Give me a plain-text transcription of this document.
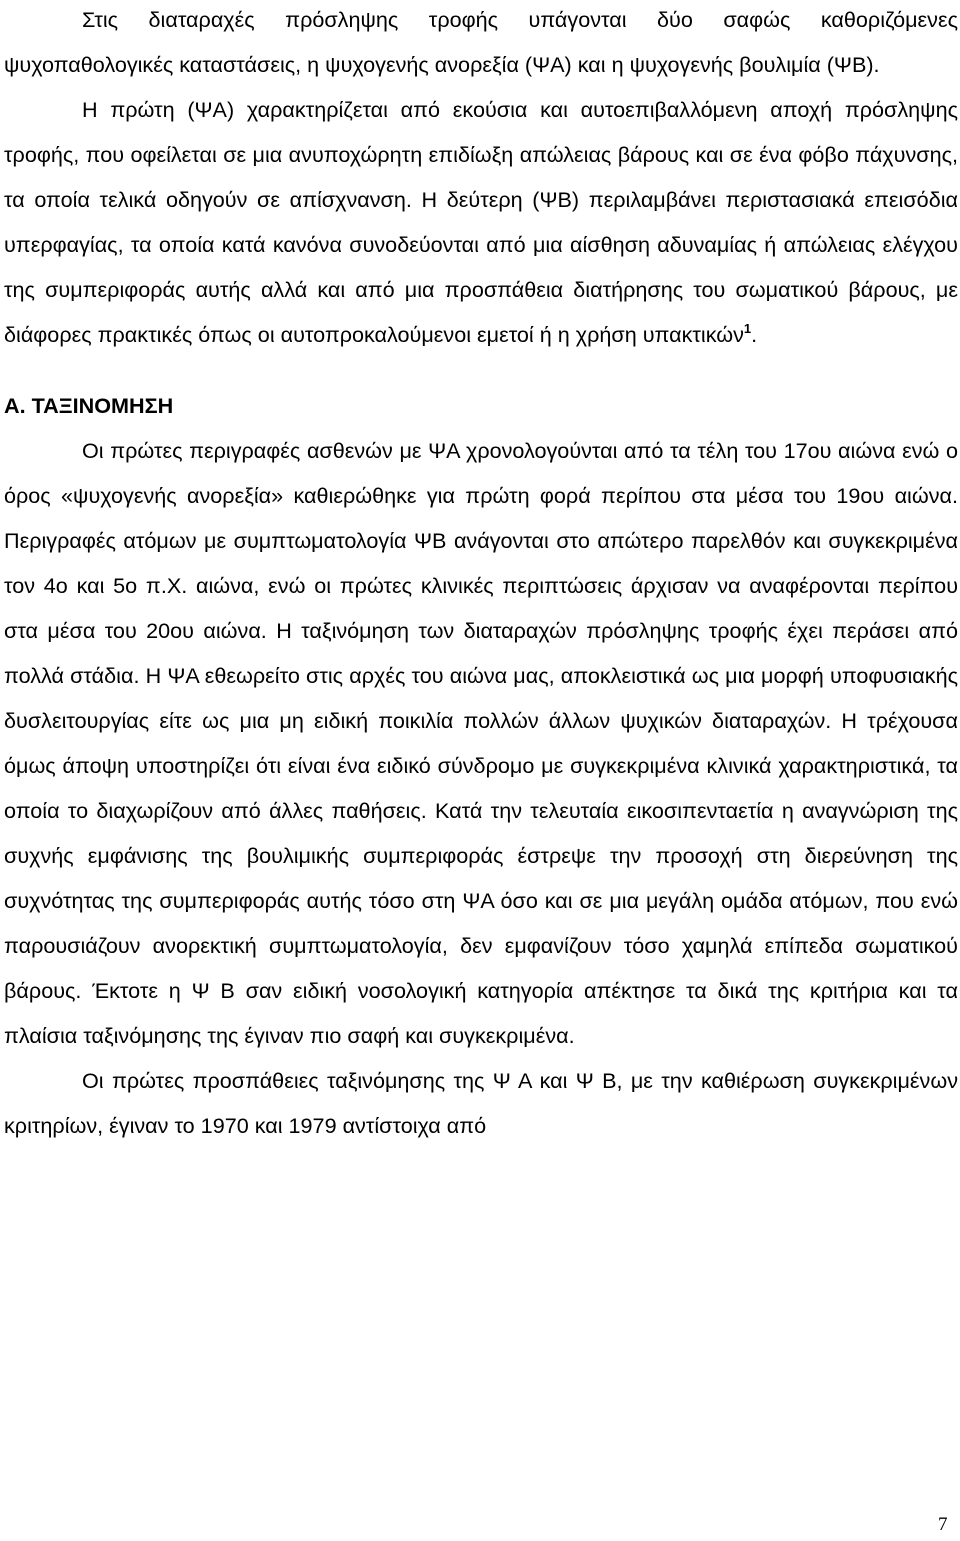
Στις διαταραχές πρόσληψης τροφής υπάγονται δύο σαφώς καθοριζόμενες ψυχοπαθολογικές καταστάσεις, η ψυχογενής ανορεξία (ΨΑ) και η ψυχογενής βουλιμία (ΨΒ).

Η πρώτη (ΨΑ) χαρακτηρίζεται από εκούσια και αυτοεπιβαλλόμενη αποχή πρόσληψης τροφής, που οφείλεται σε μια ανυποχώρητη επιδίωξη απώλειας βάρους και σε ένα φόβο πάχυνσης, τα οποία τελικά οδηγούν σε απίσχνανση. Η δεύτερη (ΨΒ) περιλαμβάνει περιστασιακά επεισόδια υπερφαγίας, τα οποία κατά κανόνα συνοδεύονται από μια αίσθηση αδυναμίας ή απώλειας ελέγχου της συμπεριφοράς αυτής αλλά και από μια προσπάθεια διατήρησης του σωματικού βάρους, με διάφορες πρακτικές όπως οι αυτοπροκαλούμενοι εμετοί ή η χρήση υπακτικών$^1$.

Α. ΤΑΞΙΝΟΜΗΣΗ

Οι πρώτες περιγραφές ασθενών με ΨΑ χρονολογούνται από τα τέλη του 17ου αιώνα ενώ ο όρος «ψυχογενής ανορεξία» καθιερώθηκε για πρώτη φορά περίπου στα μέσα του 19ου αιώνα. Περιγραφές ατόμων με συμπτωματολογία ΨΒ ανάγονται στο απώτερο παρελθόν και συγκεκριμένα τον 4ο και 5ο π.Χ. αιώνα, ενώ οι πρώτες κλινικές περιπτώσεις άρχισαν να αναφέρονται περίπου στα μέσα του 20ου αιώνα. Η ταξινόμηση των διαταραχών πρόσληψης τροφής έχει περάσει από πολλά στάδια. Η ΨΑ εθεωρείτο στις αρχές του αιώνα μας, αποκλειστικά ως μια μορφή υποφυσιακής δυσλειτουργίας είτε ως μια μη ειδική ποικιλία πολλών άλλων ψυχικών διαταραχών. Η τρέχουσα όμως άποψη υποστηρίζει ότι είναι ένα ειδικό σύνδρομο με συγκεκριμένα κλινικά χαρακτηριστικά, τα οποία το διαχωρίζουν από άλλες παθήσεις. Κατά την τελευταία εικοσιπενταετία η αναγνώριση της συχνής εμφάνισης της βουλιμικής συμπεριφοράς έστρεψε την προσοχή στη διερεύνηση της συχνότητας της συμπεριφοράς αυτής τόσο στη ΨΑ όσο και σε μια μεγάλη ομάδα ατόμων, που ενώ παρουσιάζουν ανορεκτική συμπτωματολογία, δεν εμφανίζουν τόσο χαμηλά επίπεδα σωματικού βάρους. Έκτοτε η Ψ Β σαν ειδική νοσολογική κατηγορία απέκτησε τα δικά της κριτήρια και τα πλαίσια ταξινόμησης της έγιναν πιο σαφή και συγκεκριμένα.

Οι πρώτες προσπάθειες ταξινόμησης της Ψ Α και Ψ Β, με την καθιέρωση συγκεκριμένων κριτηρίων, έγιναν το 1970 και 1979 αντίστοιχα από

7
